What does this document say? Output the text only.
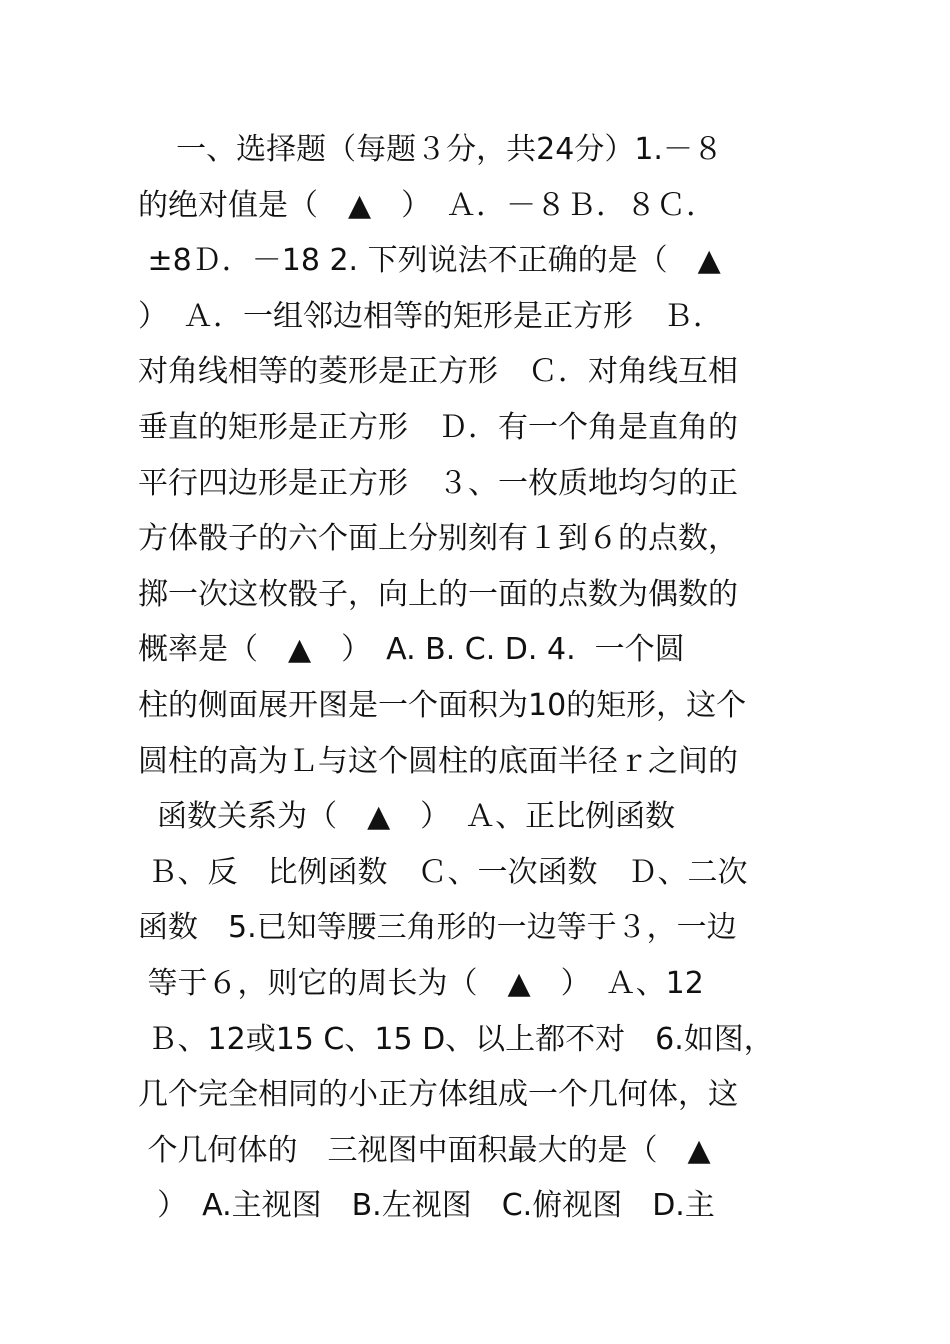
一、选择题（每题３分，共24分）1.－８
的绝对值是（　▲　）　Ａ．－８Ｂ．８Ｃ．
±8Ｄ．－18 2. 下列说法不正确的是（　▲
）　Ａ．一组邻边相等的矩形是正方形　Ｂ．
对角线相等的菱形是正方形　Ｃ．对角线互相
垂直的矩形是正方形　Ｄ．有一个角是直角的
平行四边形是正方形　３、一枚质地均匀的正
方体骰子的六个面上分别刻有１到６的点数，
掷一次这枚骰子，向上的一面的点数为偶数的
概率是（　▲　）　A. B. C. D. 4.  一个圆
柱的侧面展开图是一个面积为10的矩形，这个
圆柱的高为Ｌ与这个圆柱的底面半径ｒ之间的
函数关系为（　▲　）　Ａ、正比例函数
Ｂ、反　比例函数　Ｃ、一次函数　Ｄ、二次
函数　5.已知等腰三角形的一边等于３，一边
等于６，则它的周长为（　▲　）　Ａ、12
Ｂ、12或15 C、15 D、以上都不对　6.如图，
几个完全相同的小正方体组成一个几何体，这
个几何体的　三视图中面积最大的是（　▲
）　A.主视图　B.左视图　C.俯视图　D.主
